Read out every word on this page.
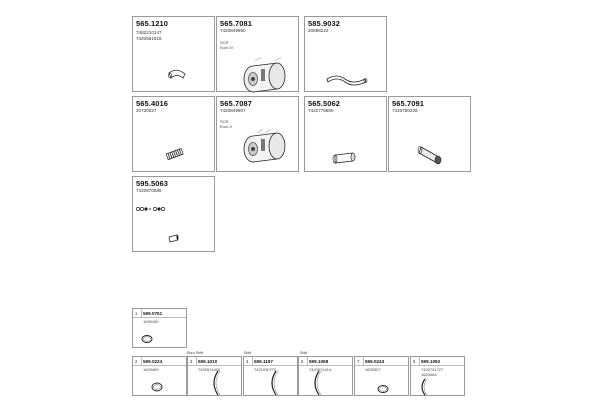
565.1210
7482210147
7420581818
565.7081
7420849950
SCR
Euro IV
585.9032
20898222
565.4016
20730027
565.7087
7420849907
SCR
Euro V
565.5062
7422775800
565.7091
7420780228
595.5063
7420870585
1 599.0751
1630159
Euro Shift	Shift	Shift
2 599.0224
1629469
3 599.1010
7420574400
4 599.1197
7421030770
5 599.1068
7420574414
7 599.0243
1629307
8 599.1092
7420741727
1629464
